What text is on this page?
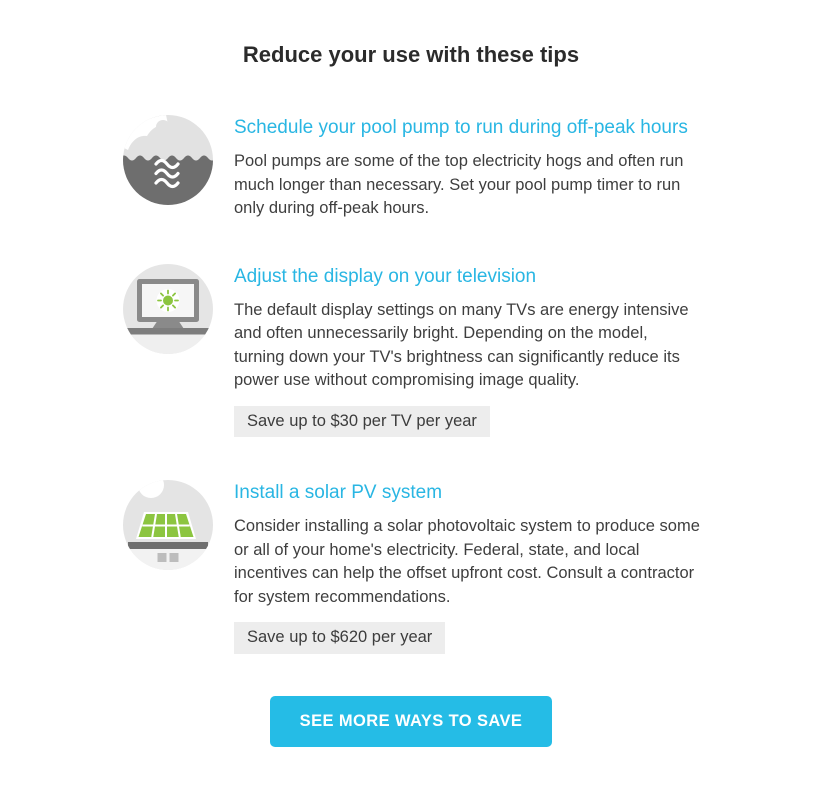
Reduce your use with these tips
Schedule your pool pump to run during off-peak hours

Pool pumps are some of the top electricity hogs and often run much longer than necessary. Set your pool pump timer to run only during off-peak hours.

Adjust the display on your television

The default display settings on many TVs are energy intensive and often unnecessarily bright. Depending on the model, turning down your TV's brightness can significantly reduce its power use without compromising image quality.

Save up to $30 per TV per year
Install a solar PV system

Consider installing a solar photovoltaic system to produce some or all of your home's electricity. Federal, state, and local incentives can help the offset upfront cost. Consult a contractor for system recommendations.

Save up to $620 per year
SEE MORE WAYS TO SAVE
